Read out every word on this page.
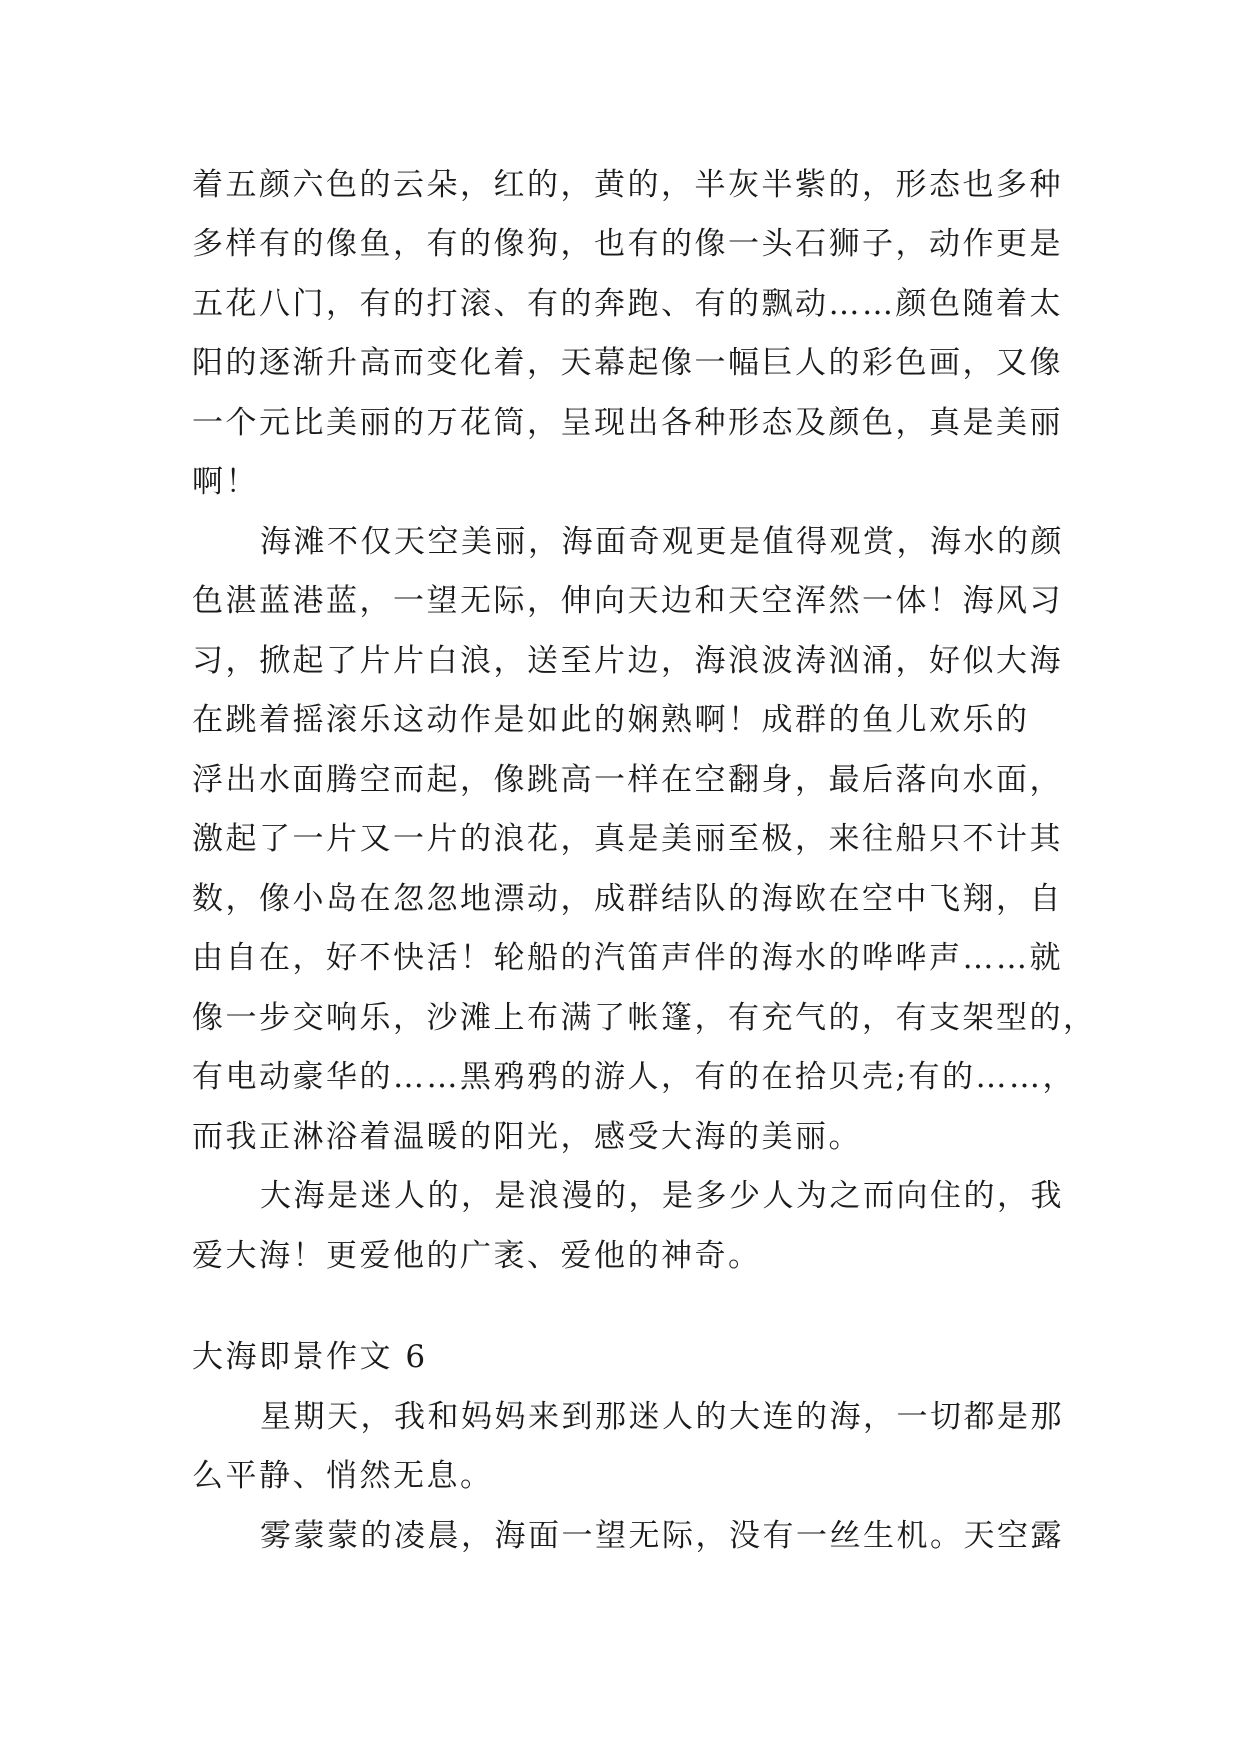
着五颜六色的云朵，红的，黄的，半灰半紫的，形态也多种
多样有的像鱼，有的像狗，也有的像一头石狮子，动作更是
五花八门，有的打滚、有的奔跑、有的飘动……颜色随着太
阳的逐渐升高而变化着，天幕起像一幅巨人的彩色画，又像
一个元比美丽的万花筒，呈现出各种形态及颜色，真是美丽
啊！
海滩不仅天空美丽，海面奇观更是值得观赏，海水的颜
色湛蓝港蓝，一望无际，伸向天边和天空浑然一体！海风习
习，掀起了片片白浪，送至片边，海浪波涛汹涌，好似大海
在跳着摇滚乐这动作是如此的娴熟啊！成群的鱼儿欢乐的
浮出水面腾空而起，像跳高一样在空翻身，最后落向水面，
激起了一片又一片的浪花，真是美丽至极，来往船只不计其
数，像小岛在忽忽地漂动，成群结队的海欧在空中飞翔，自
由自在，好不快活！轮船的汽笛声伴的海水的哗哗声……就
像一步交响乐，沙滩上布满了帐篷，有充气的，有支架型的，
有电动豪华的……黑鸦鸦的游人，有的在拾贝壳;有的……，
而我正淋浴着温暖的阳光，感受大海的美丽。
大海是迷人的，是浪漫的，是多少人为之而向住的，我
爱大海！更爱他的广袤、爱他的神奇。
大海即景作文 6
星期天，我和妈妈来到那迷人的大连的海，一切都是那
么平静、悄然无息。
雾蒙蒙的凌晨，海面一望无际，没有一丝生机。天空露
